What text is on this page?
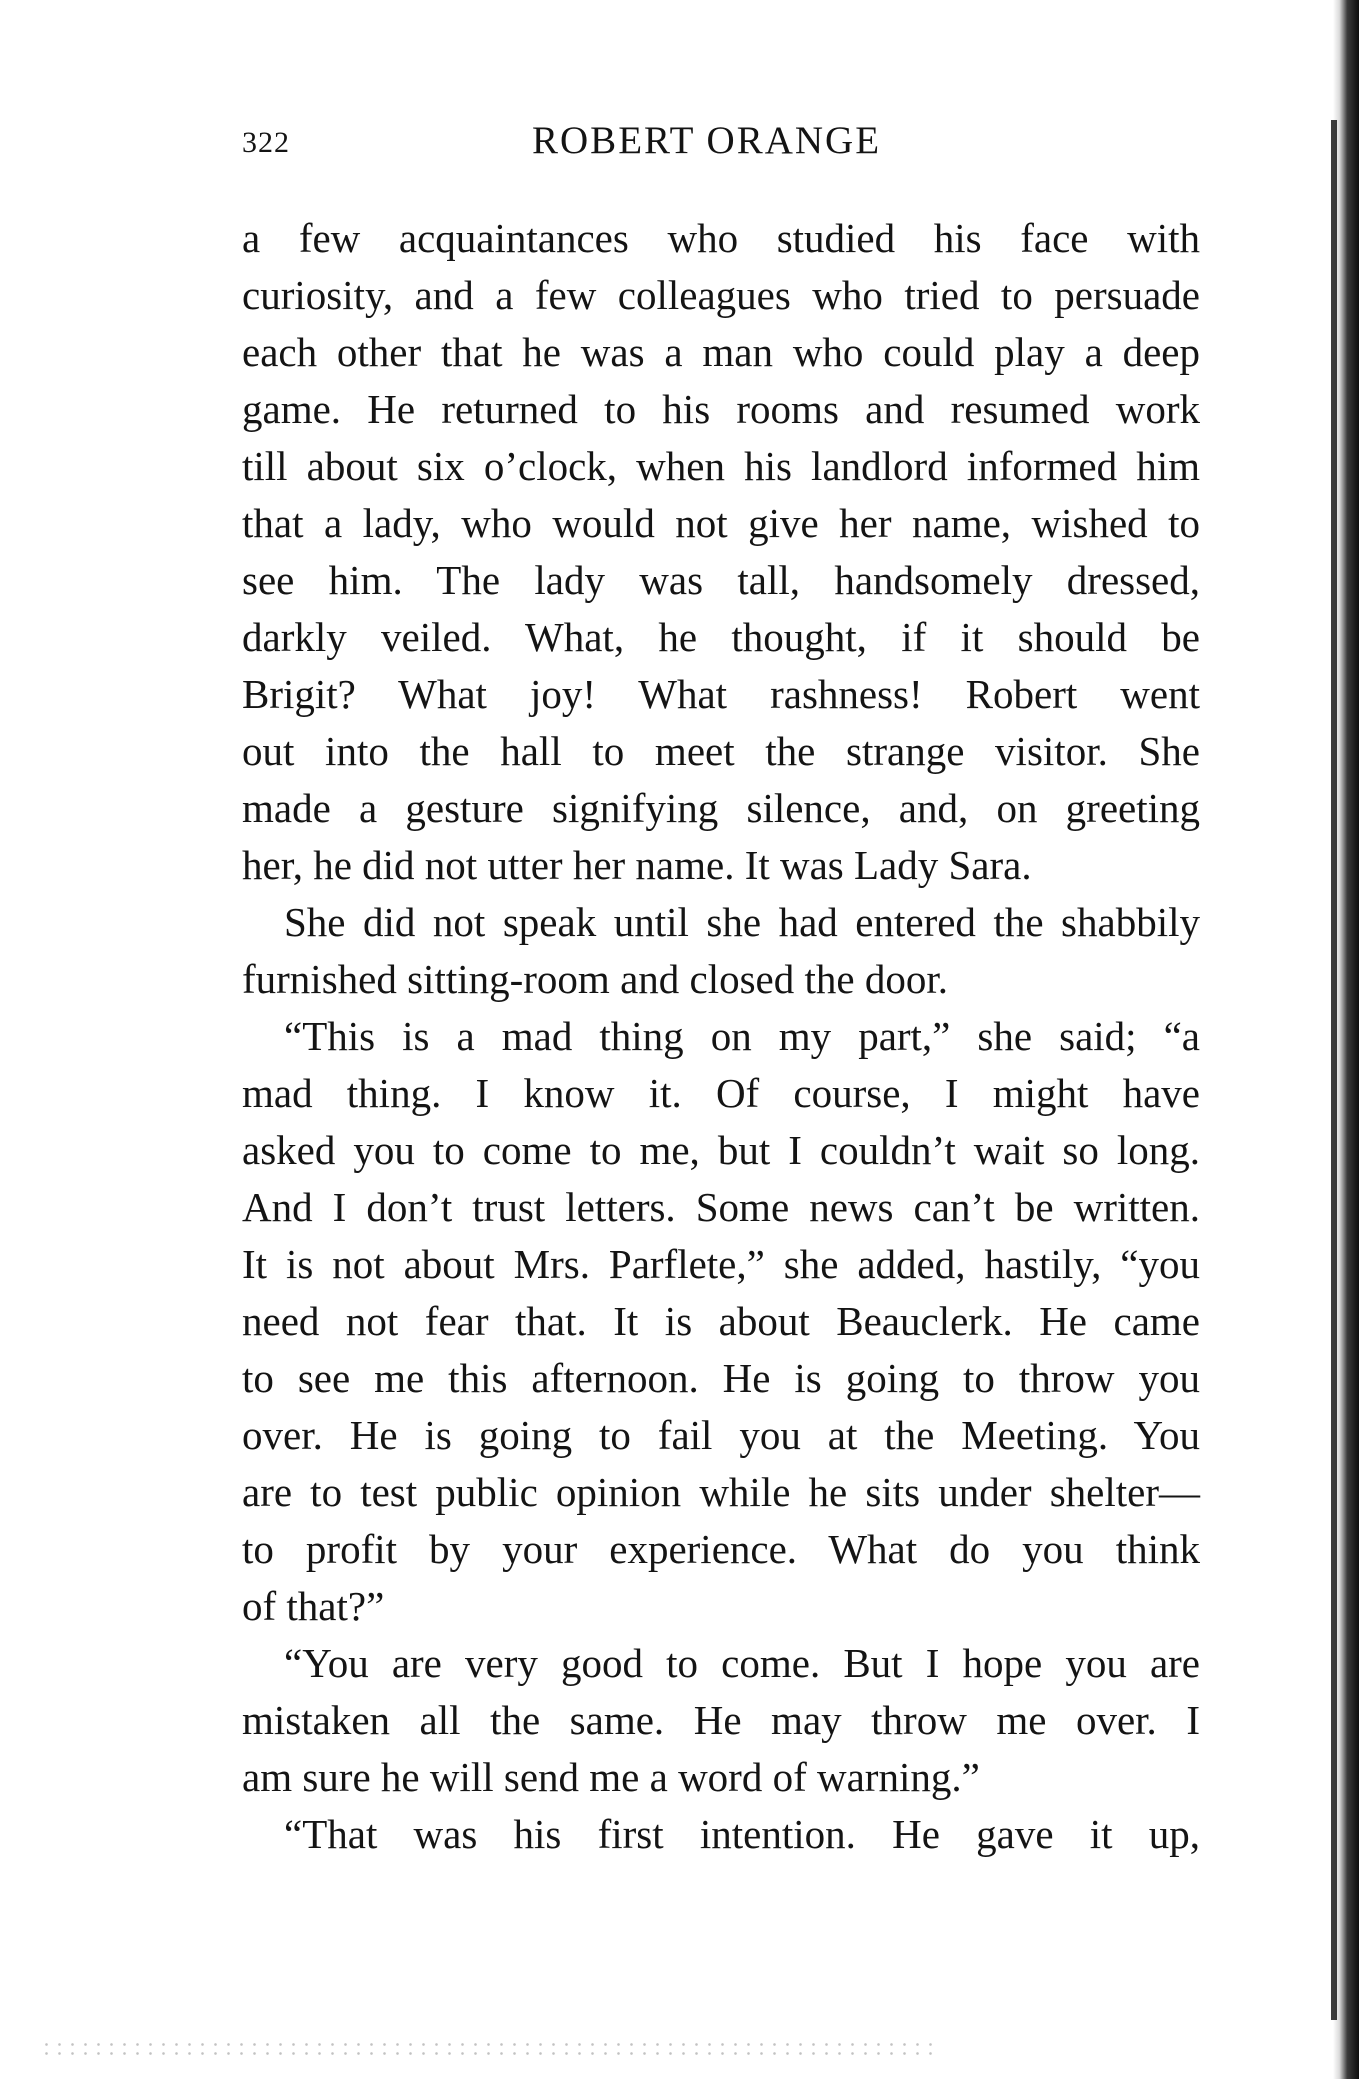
322	ROBERT ORANGE
a few acquaintances who studied his face with
curiosity, and a few colleagues who tried to persuade
each other that he was a man who could play a deep
game. He returned to his rooms and resumed work
till about six o’clock, when his landlord informed him
that a lady, who would not give her name, wished to
see him. The lady was tall, handsomely dressed,
darkly veiled. What, he thought, if it should be
Brigit? What joy! What rashness! Robert went
out into the hall to meet the strange visitor. She
made a gesture signifying silence, and, on greeting
her, he did not utter her name. It was Lady Sara.
She did not speak until she had entered the shabbily
furnished sitting-room and closed the door.
“This is a mad thing on my part,” she said; “a
mad thing. I know it. Of course, I might have
asked you to come to me, but I couldn’t wait so long.
And I don’t trust letters. Some news can’t be written.
It is not about Mrs. Parflete,” she added, hastily, “you
need not fear that. It is about Beauclerk. He came
to see me this afternoon. He is going to throw you
over. He is going to fail you at the Meeting. You
are to test public opinion while he sits under shelter—
to profit by your experience. What do you think
of that?”
“You are very good to come. But I hope you are
mistaken all the same. He may throw me over. I
am sure he will send me a word of warning.”
“That was his first intention. He gave it up,
